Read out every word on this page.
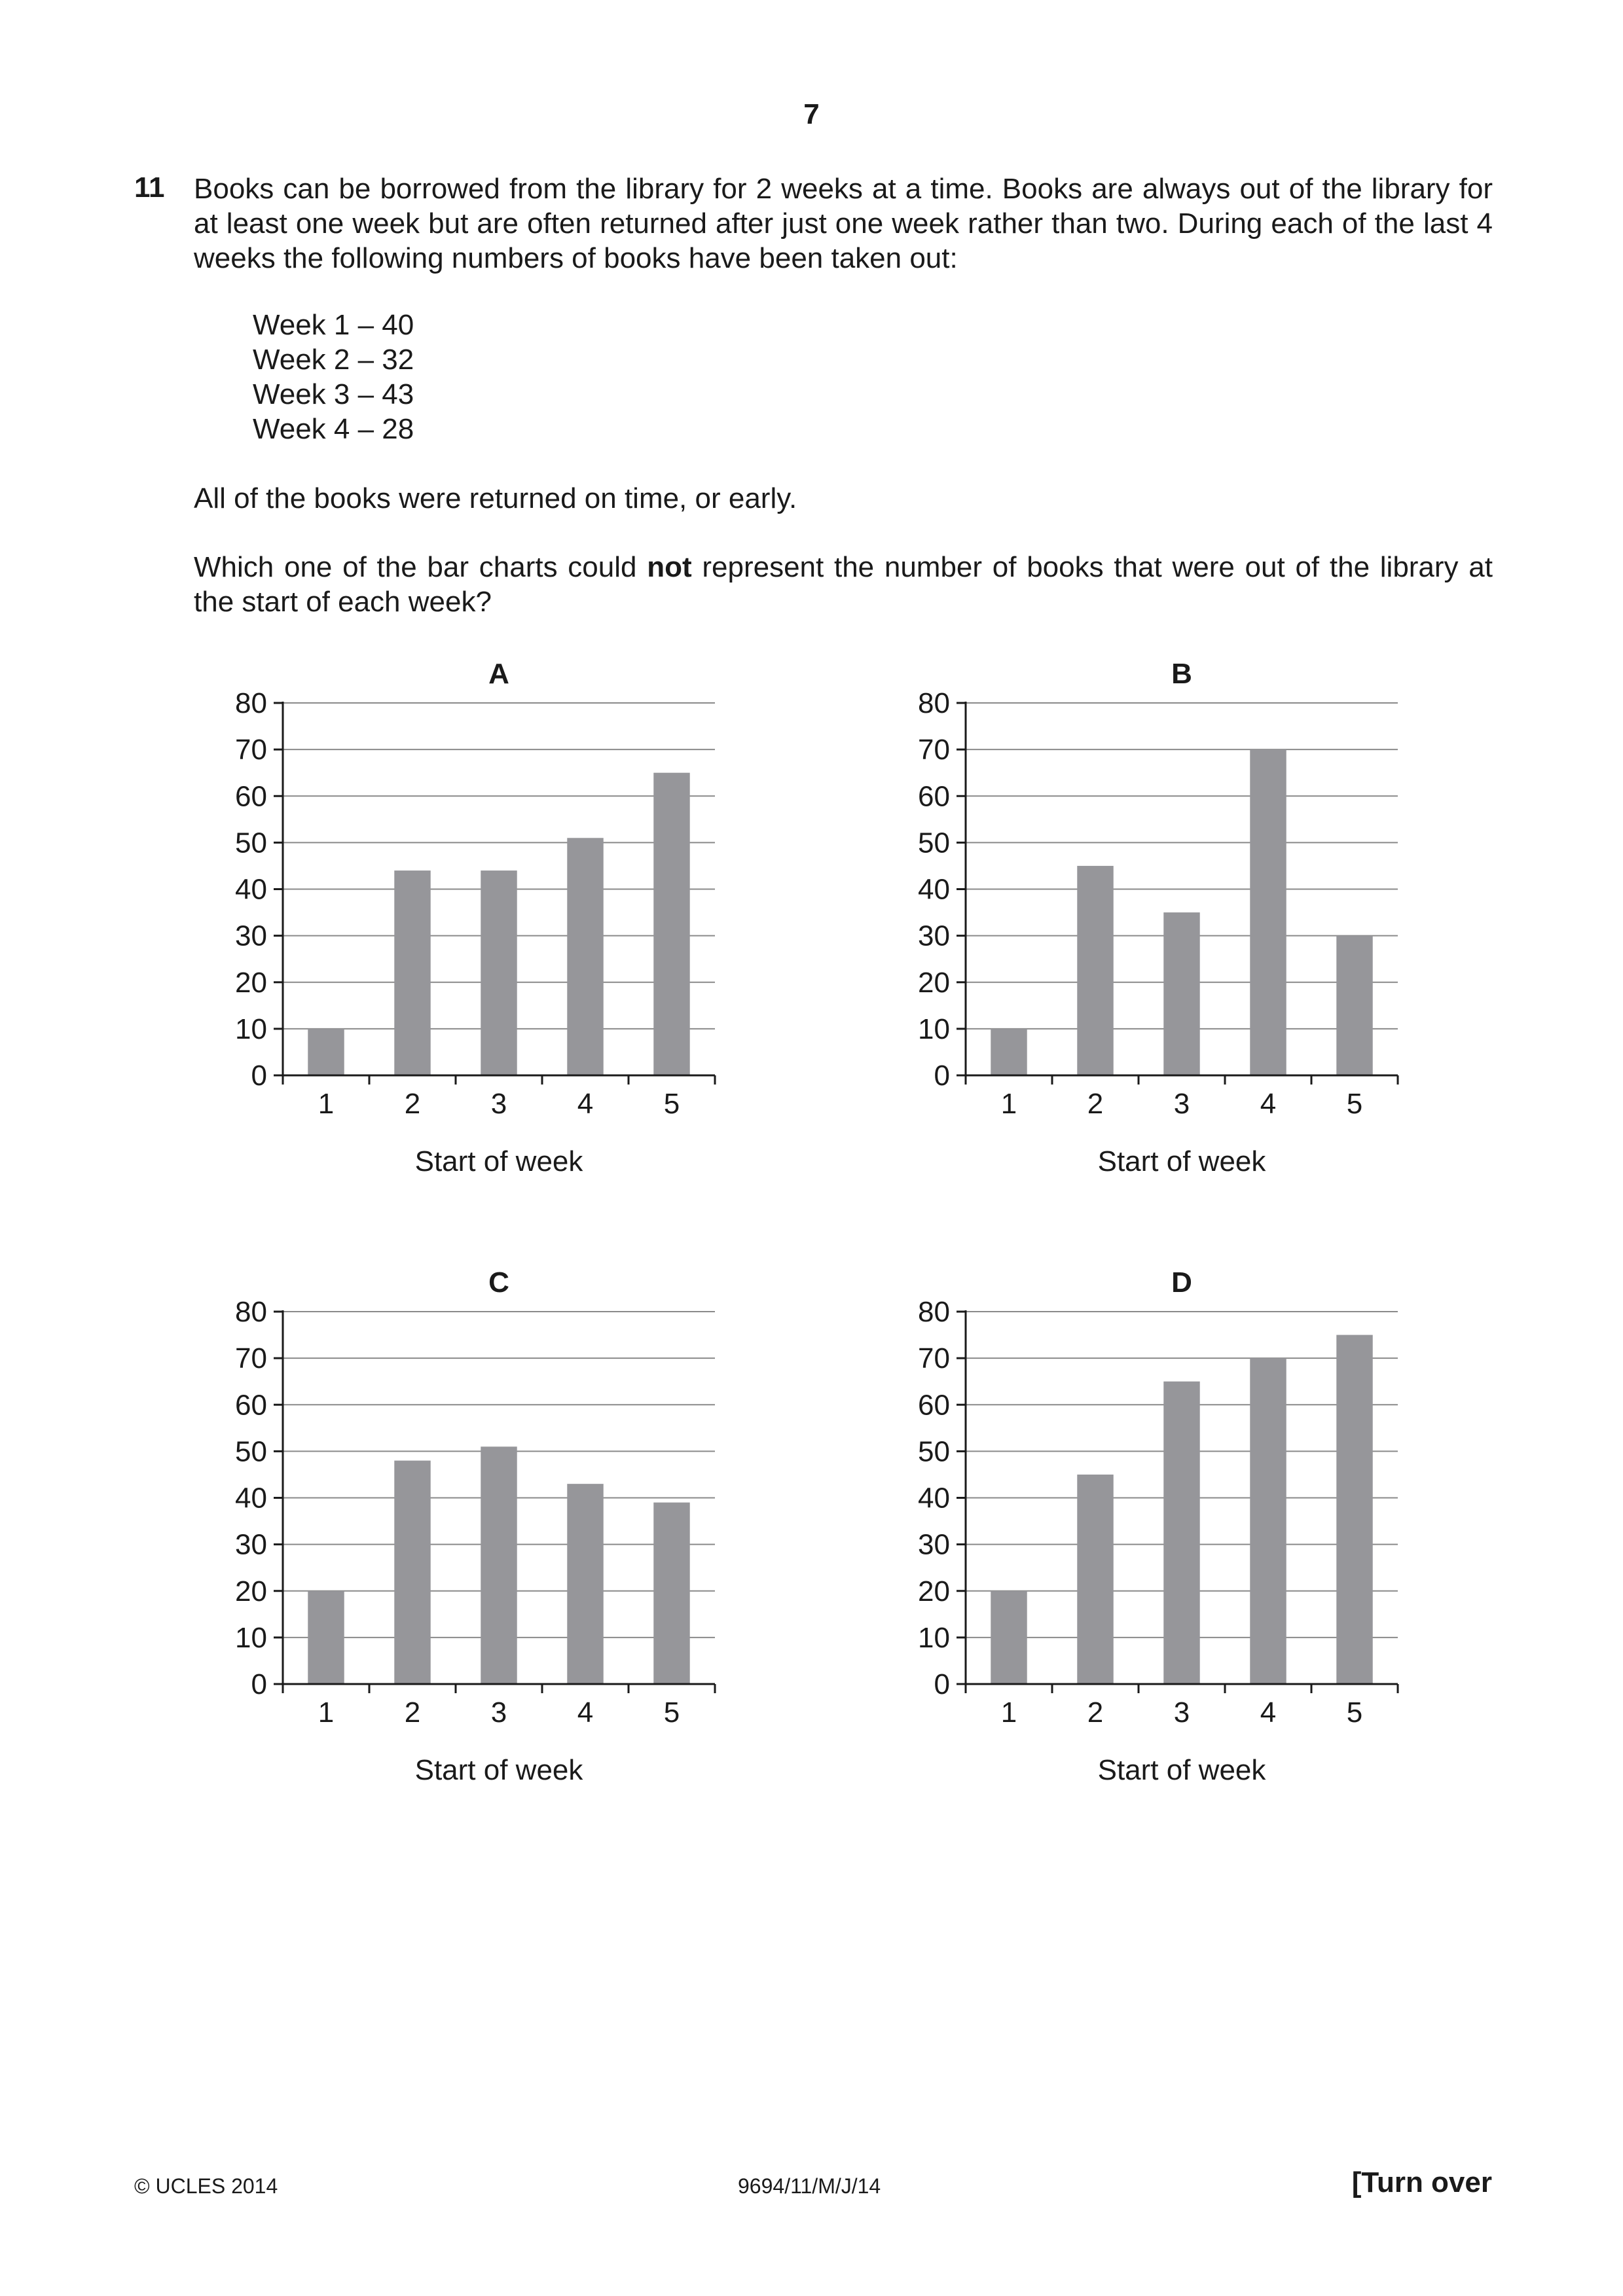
7
11 Books can be borrowed from the library for 2 weeks at a time. Books are always out of the library for at least one week but are often returned after just one week rather than two. During each of the last 4 weeks the following numbers of books have been taken out:

Week 1 – 40
Week 2 – 32
Week 3 – 43
Week 4 – 28

All of the books were returned on time, or early.

Which one of the bar charts could not represent the number of books that were out of the library at the start of each week?

0
10
20
30
40
50
60
70
80
1 2 3 4 5
A
Start of week
0
10
20
30
40
50
60
70
80
1 2 3 4 5
B
Start of week
0
10
20
30
40
50
60
70
80
1 2 3 4 5
C
Start of week
0
10
20
30
40
50
60
70
80
1 2 3 4 5
D
Start of week
© UCLES 2014	9694/11/M/J/14	[Turn over
